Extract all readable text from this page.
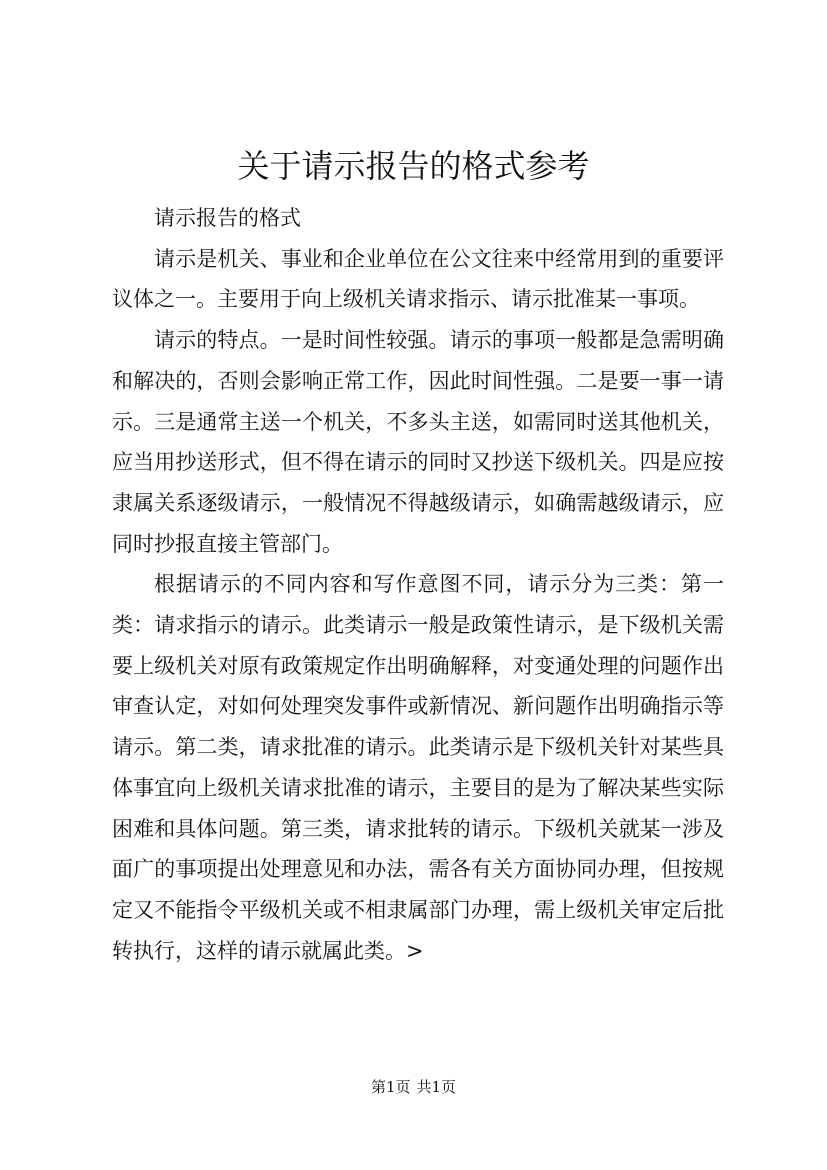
关于请示报告的格式参考

请示报告的格式

请示是机关、事业和企业单位在公文往来中经常用到的重要评议体之一。主要用于向上级机关请求指示、请示批准某一事项。

请示的特点。一是时间性较强。请示的事项一般都是急需明确和解决的，否则会影响正常工作，因此时间性强。二是要一事一请示。三是通常主送一个机关，不多头主送，如需同时送其他机关，应当用抄送形式，但不得在请示的同时又抄送下级机关。四是应按隶属关系逐级请示，一般情况不得越级请示，如确需越级请示，应同时抄报直接主管部门。

根据请示的不同内容和写作意图不同，请示分为三类：第一类：请求指示的请示。此类请示一般是政策性请示，是下级机关需要上级机关对原有政策规定作出明确解释，对变通处理的问题作出审查认定，对如何处理突发事件或新情况、新问题作出明确指示等请示。第二类，请求批准的请示。此类请示是下级机关针对某些具体事宜向上级机关请求批准的请示，主要目的是为了解决某些实际困难和具体问题。第三类，请求批转的请示。下级机关就某一涉及面广的事项提出处理意见和办法，需各有关方面协同办理，但按规定又不能指令平级机关或不相隶属部门办理，需上级机关审定后批转执行，这样的请示就属此类。>

第1页 共1页
